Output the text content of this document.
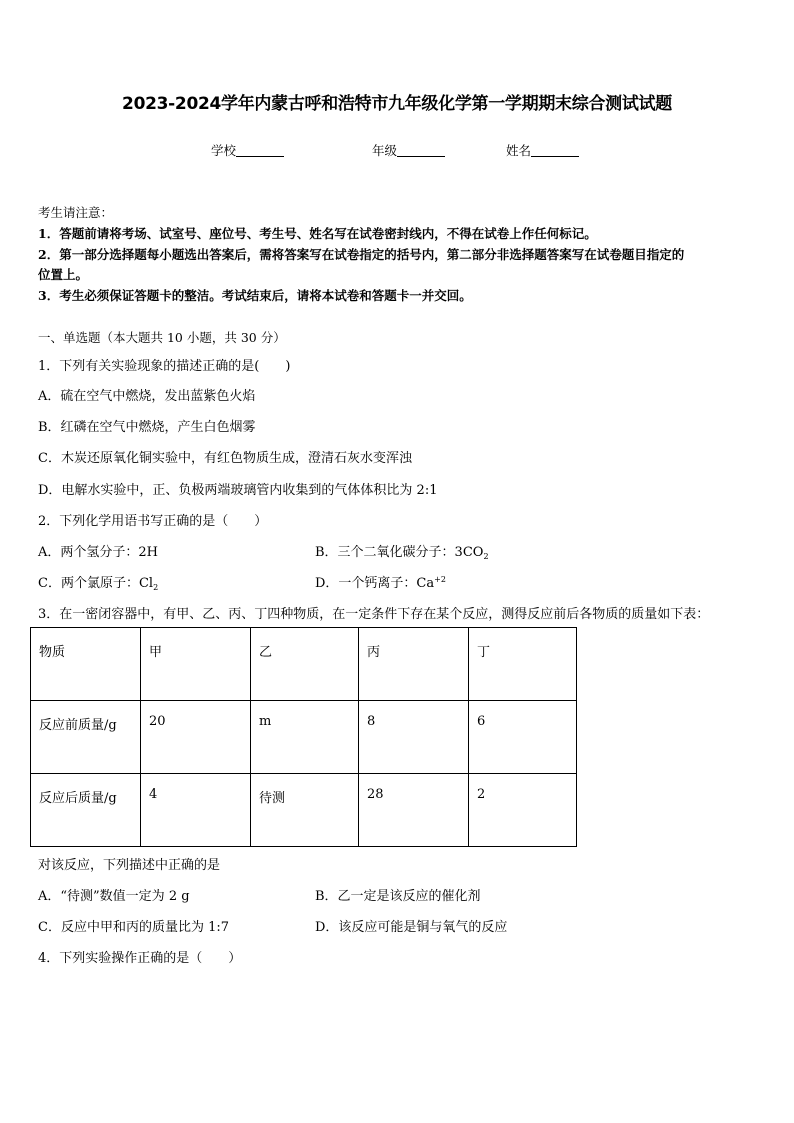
2023-2024学年内蒙古呼和浩特市九年级化学第一学期期末综合测试试题
学校	年级	姓名
考生请注意：
1．答题前请将考场、试室号、座位号、考生号、姓名写在试卷密封线内，不得在试卷上作任何标记。
2．第一部分选择题每小题选出答案后，需将答案写在试卷指定的括号内，第二部分非选择题答案写在试卷题目指定的
位置上。
3．考生必须保证答题卡的整洁。考试结束后，请将本试卷和答题卡一并交回。
一、单选题（本大题共 10 小题，共 30 分）
1．下列有关实验现象的描述正确的是(　　)
A．硫在空气中燃烧，发出蓝紫色火焰
B．红磷在空气中燃烧，产生白色烟雾
C．木炭还原氧化铜实验中，有红色物质生成，澄清石灰水变浑浊
D．电解水实验中，正、负极两端玻璃管内收集到的气体体积比为 2:1
2．下列化学用语书写正确的是（　　）
A．两个氢分子：2H	B．三个二氧化碳分子：$3CO_2$
C．两个氯原子：$Cl_2$	D．一个钙离子：$Ca^{+2}$
3．在一密闭容器中，有甲、乙、丙、丁四种物质，在一定条件下存在某个反应，测得反应前后各物质的质量如下表：
物质	甲	乙	丙	丁
反应前质量/g	20	m	8	6
反应后质量/g	4	待测	28	2
对该反应，下列描述中正确的是
A．“待测”数值一定为 2 g	B．乙一定是该反应的催化剂
C．反应中甲和丙的质量比为 1:7	D．该反应可能是铜与氧气的反应
4．下列实验操作正确的是（　　）
